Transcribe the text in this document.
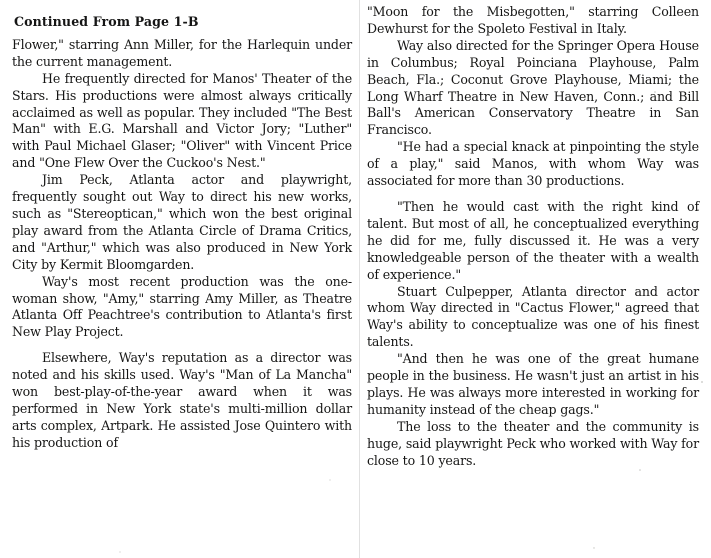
Continued From Page 1-B

Flower," starring Ann Miller, for the Harlequin under the current management.

He frequently directed for Manos' Theater of the Stars. His productions were almost always critically acclaimed as well as popular. They included "The Best Man" with E.G. Marshall and Victor Jory; "Luther" with Paul Michael Glaser; "Oliver" with Vincent Price and "One Flew Over the Cuckoo's Nest."

Jim Peck, Atlanta actor and playwright, frequently sought out Way to direct his new works, such as "Stereoptican," which won the best original play award from the Atlanta Circle of Drama Critics, and "Arthur," which was also produced in New York City by Kermit Bloomgarden.

Way's most recent production was the one-woman show, "Amy," starring Amy Miller, as Theatre Atlanta Off Peachtree's contribution to Atlanta's first New Play Project.

Elsewhere, Way's reputation as a director was noted and his skills used. Way's "Man of La Mancha" won best-play-of-the-year award when it was performed in New York state's multi-million dollar arts complex, Artpark. He assisted Jose Quintero with his production of

"Moon for the Misbegotten," starring Colleen Dewhurst for the Spoleto Festival in Italy.

Way also directed for the Springer Opera House in Columbus; Royal Poinciana Playhouse, Palm Beach, Fla.; Coconut Grove Playhouse, Miami; the Long Wharf Theatre in New Haven, Conn.; and Bill Ball's American Conservatory Theatre in San Francisco.

"He had a special knack at pinpointing the style of a play," said Manos, with whom Way was associated for more than 30 productions.

"Then he would cast with the right kind of talent. But most of all, he conceptualized everything he did for me, fully discussed it. He was a very knowledgeable person of the theater with a wealth of experience."

Stuart Culpepper, Atlanta director and actor whom Way directed in "Cactus Flower," agreed that Way's ability to conceptualize was one of his finest talents.

"And then he was one of the great humane people in the business. He wasn't just an artist in his plays. He was always more interested in working for humanity instead of the cheap gags."

The loss to the theater and the community is huge, said playwright Peck who worked with Way for close to 10 years.
